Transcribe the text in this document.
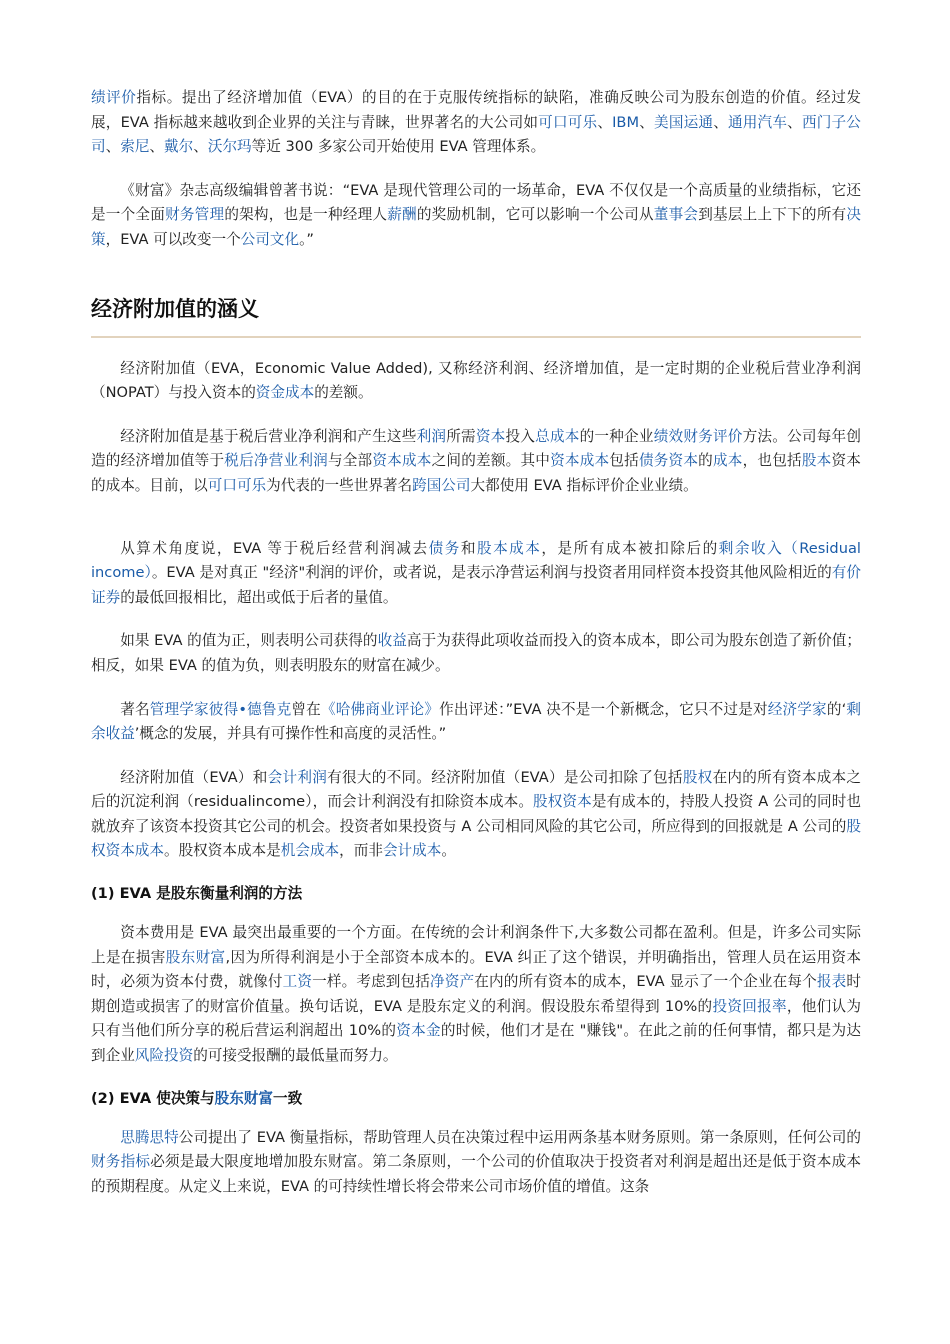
绩评价指标。提出了经济增加值（EVA）的目的在于克服传统指标的缺陷，准确反映公司为股东创造的价值。经过发展，EVA 指标越来越收到企业界的关注与青睐，世界著名的大公司如可口可乐、IBM、美国运通、通用汽车、西门子公司、索尼、戴尔、沃尔玛等近 300 多家公司开始使用 EVA 管理体系。

《财富》杂志高级编辑曾著书说：“EVA 是现代管理公司的一场革命，EVA 不仅仅是一个高质量的业绩指标，它还是一个全面财务管理的架构，也是一种经理人薪酬的奖励机制，它可以影响一个公司从董事会到基层上上下下的所有决策，EVA 可以改变一个公司文化。”

经济附加值的涵义

经济附加值（EVA，Economic Value Added), 又称经济利润、经济增加值，是一定时期的企业税后营业净利润（NOPAT）与投入资本的资金成本的差额。

经济附加值是基于税后营业净利润和产生这些利润所需资本投入总成本的一种企业绩效财务评价方法。公司每年创造的经济增加值等于税后净营业利润与全部资本成本之间的差额。其中资本成本包括债务资本的成本，也包括股本资本的成本。目前，以可口可乐为代表的一些世界著名跨国公司大都使用 EVA 指标评价企业业绩。

从算术角度说，EVA 等于税后经营利润减去债务和股本成本，是所有成本被扣除后的剩余收入（Residual income）。EVA 是对真正 "经济"利润的评价，或者说，是表示净营运利润与投资者用同样资本投资其他风险相近的有价证券的最低回报相比，超出或低于后者的量值。

如果 EVA 的值为正，则表明公司获得的收益高于为获得此项收益而投入的资本成本，即公司为股东创造了新价值；相反，如果 EVA 的值为负，则表明股东的财富在减少。

著名管理学家彼得•德鲁克曾在《哈佛商业评论》作出评述：”EVA 决不是一个新概念，它只不过是对经济学家的‘剩余收益’概念的发展，并具有可操作性和高度的灵活性。”

经济附加值（EVA）和会计利润有很大的不同。经济附加值（EVA）是公司扣除了包括股权在内的所有资本成本之后的沉淀利润（residualincome），而会计利润没有扣除资本成本。股权资本是有成本的，持股人投资 A 公司的同时也就放弃了该资本投资其它公司的机会。投资者如果投资与 A 公司相同风险的其它公司，所应得到的回报就是 A 公司的股权资本成本。股权资本成本是机会成本，而非会计成本。

(1) EVA 是股东衡量利润的方法

资本费用是 EVA 最突出最重要的一个方面。在传统的会计利润条件下,大多数公司都在盈利。但是，许多公司实际上是在损害股东财富,因为所得利润是小于全部资本成本的。EVA 纠正了这个错误，并明确指出，管理人员在运用资本时，必须为资本付费，就像付工资一样。考虑到包括净资产在内的所有资本的成本，EVA 显示了一个企业在每个报表时期创造或损害了的财富价值量。换句话说，EVA 是股东定义的利润。假设股东希望得到 10%的投资回报率，他们认为只有当他们所分享的税后营运利润超出 10%的资本金的时候，他们才是在 "赚钱"。在此之前的任何事情，都只是为达到企业风险投资的可接受报酬的最低量而努力。

(2) EVA 使决策与股东财富一致

思腾思特公司提出了 EVA 衡量指标，帮助管理人员在决策过程中运用两条基本财务原则。第一条原则，任何公司的财务指标必须是最大限度地增加股东财富。第二条原则，一个公司的价值取决于投资者对利润是超出还是低于资本成本的预期程度。从定义上来说，EVA 的可持续性增长将会带来公司市场价值的增值。这条
